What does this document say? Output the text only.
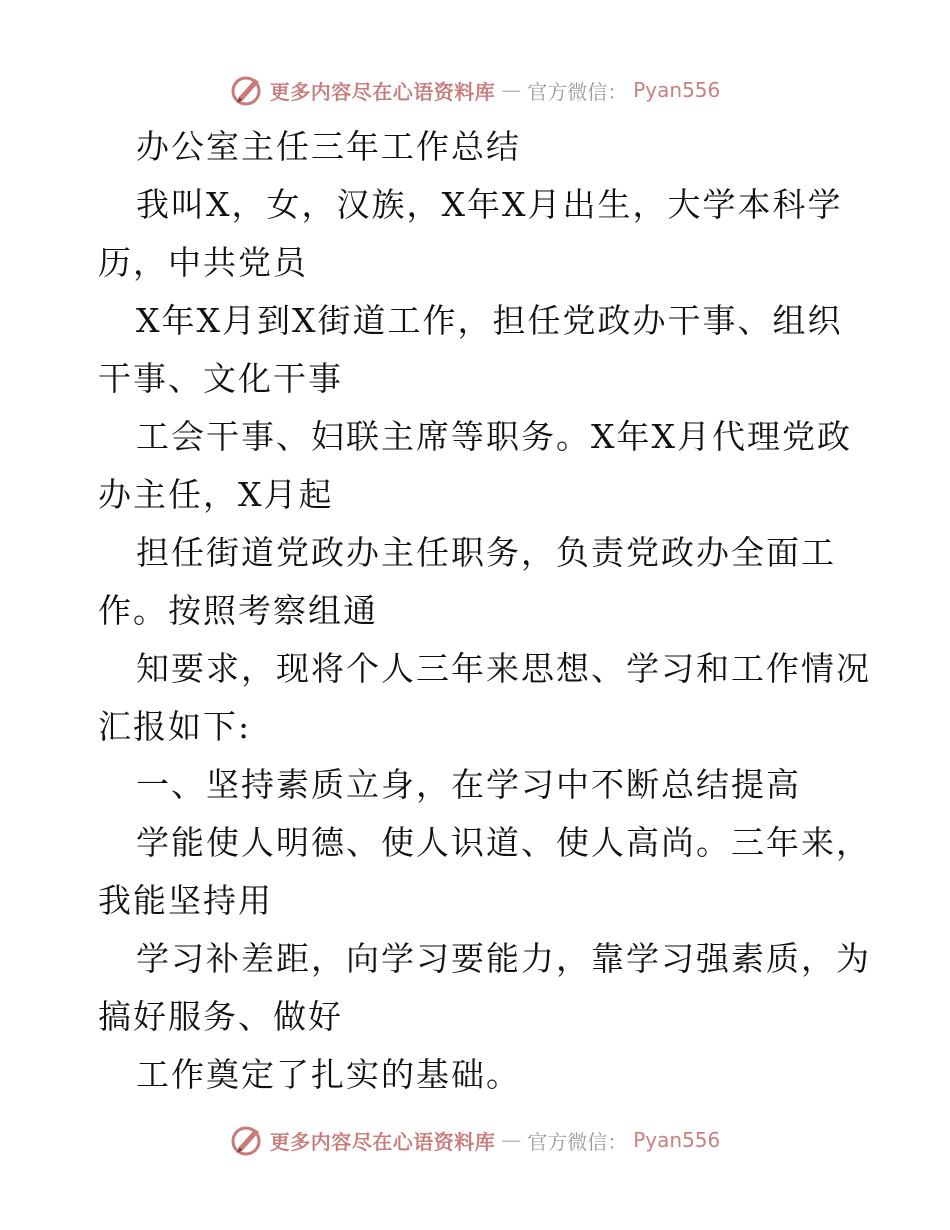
更多内容尽在心语资料库 — 官方微信： Pyan556
办公室主任三年工作总结
我叫X，女，汉族，X年X月出生，大学本科学
历，中共党员
X年X月到X街道工作，担任党政办干事、组织
干事、文化干事
工会干事、妇联主席等职务。X年X月代理党政
办主任，X月起
担任街道党政办主任职务，负责党政办全面工
作。按照考察组通
知要求，现将个人三年来思想、学习和工作情况
汇报如下:
一、坚持素质立身，在学习中不断总结提高
学能使人明德、使人识道、使人高尚。三年来，
我能坚持用
学习补差距，向学习要能力，靠学习强素质，为
搞好服务、做好
工作奠定了扎实的基础。
更多内容尽在心语资料库 — 官方微信： Pyan556
